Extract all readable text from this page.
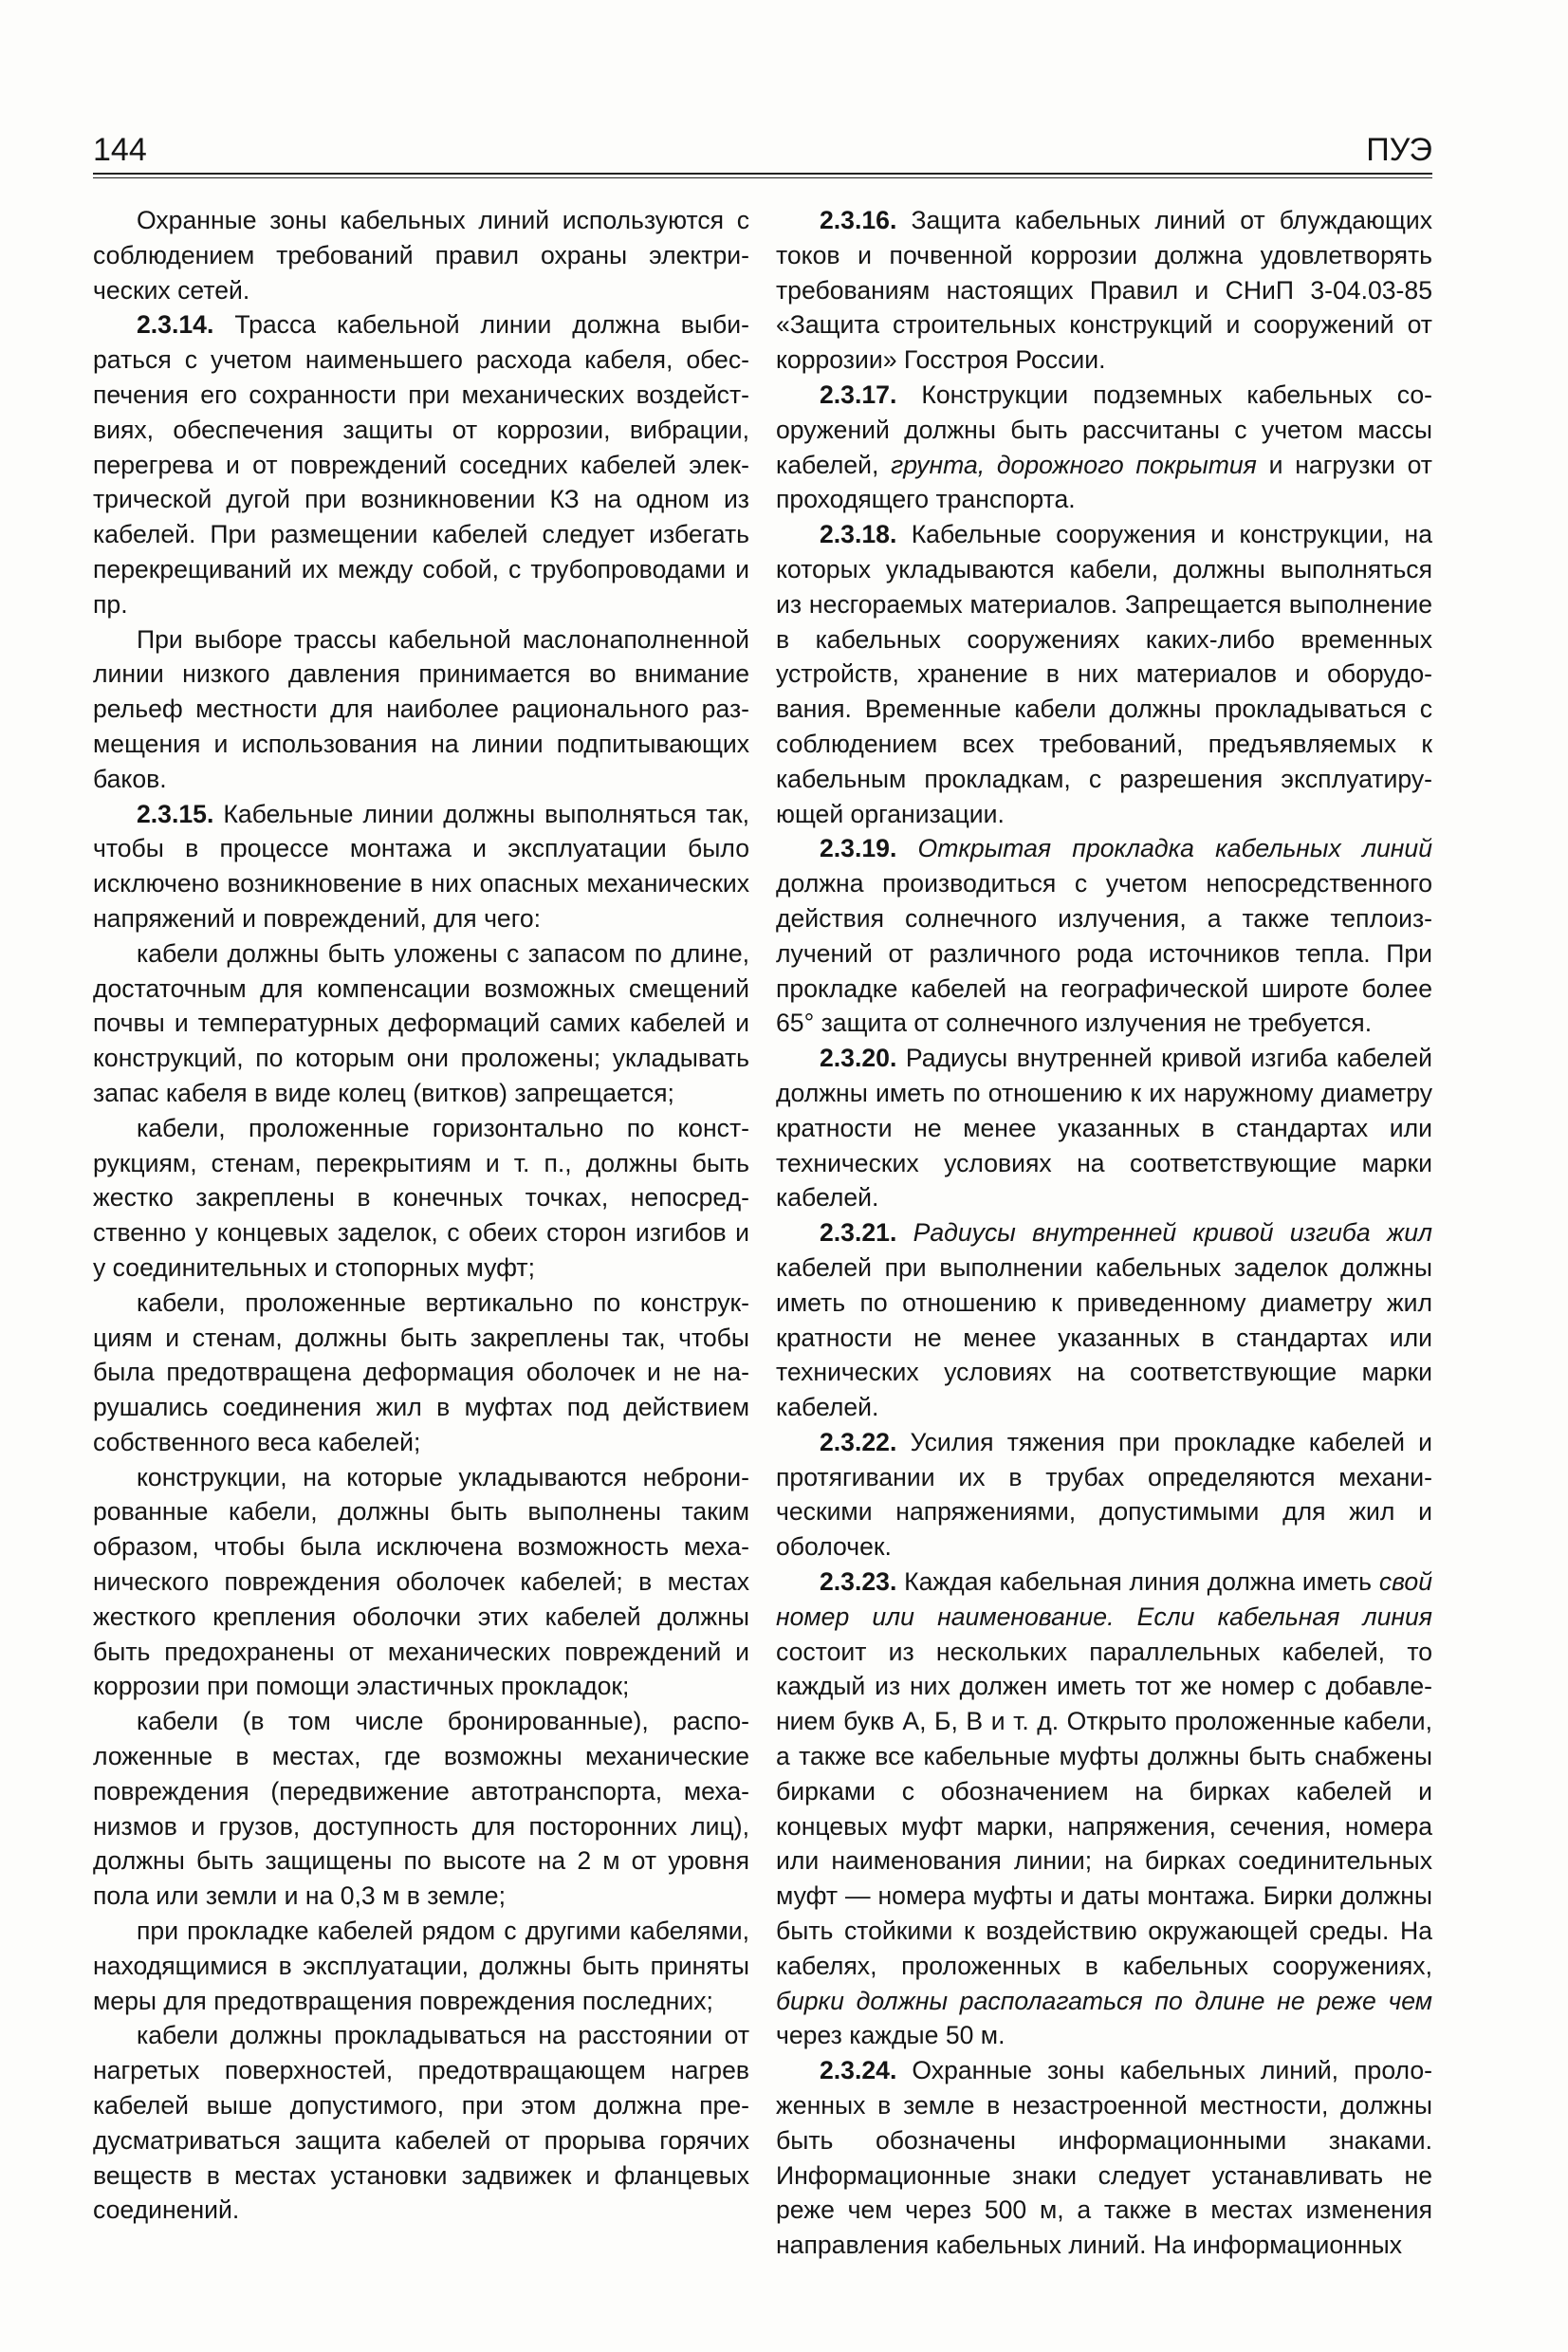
144	ПУЭ

Охранные зоны кабельных линий используются с соблюдением требований правил охраны электрических сетей.

2.3.14. Трасса кабельной линии должна выбираться с учетом наименьшего расхода кабеля, обеспечения его сохранности при механических воздействиях, обеспечения защиты от коррозии, вибрации, перегрева и от повреждений соседних кабелей электрической дугой при возникновении КЗ на одном из кабелей. При размещении кабелей следует избегать перекрещиваний их между собой, с трубопроводами и пр.

При выборе трассы кабельной маслонаполненной линии низкого давления принимается во внимание рельеф местности для наиболее рационального размещения и использования на линии подпитывающих баков.

2.3.15. Кабельные линии должны выполняться так, чтобы в процессе монтажа и эксплуатации было исключено возникновение в них опасных механических напряжений и повреждений, для чего:

кабели должны быть уложены с запасом по длине, достаточным для компенсации возможных смещений почвы и температурных деформаций самих кабелей и конструкций, по которым они проложены; укладывать запас кабеля в виде колец (витков) запрещается;

кабели, проложенные горизонтально по конструкциям, стенам, перекрытиям и т. п., должны быть жестко закреплены в конечных точках, непосредственно у концевых заделок, с обеих сторон изгибов и у соединительных и стопорных муфт;

кабели, проложенные вертикально по конструкциям и стенам, должны быть закреплены так, чтобы была предотвращена деформация оболочек и не нарушались соединения жил в муфтах под действием собственного веса кабелей;

конструкции, на которые укладываются небронированные кабели, должны быть выполнены таким образом, чтобы была исключена возможность механического повреждения оболочек кабелей; в местах жесткого крепления оболочки этих кабелей должны быть предохранены от механических повреждений и коррозии при помощи эластичных прокладок;

кабели (в том числе бронированные), расположенные в местах, где возможны механические повреждения (передвижение автотранспорта, механизмов и грузов, доступность для посторонних лиц), должны быть защищены по высоте на 2 м от уровня пола или земли и на 0,3 м в земле;

при прокладке кабелей рядом с другими кабелями, находящимися в эксплуатации, должны быть приняты меры для предотвращения повреждения последних;

кабели должны прокладываться на расстоянии от нагретых поверхностей, предотвращающем нагрев кабелей выше допустимого, при этом должна предусматриваться защита кабелей от прорыва горячих веществ в местах установки задвижек и фланцевых соединений.

2.3.16. Защита кабельных линий от блуждающих токов и почвенной коррозии должна удовлетворять требованиям настоящих Правил и СНиП 3-04.03-85 «Защита строительных конструкций и сооружений от коррозии» Госстроя России.

2.3.17. Конструкции подземных кабельных сооружений должны быть рассчитаны с учетом массы кабелей, грунта, дорожного покрытия и нагрузки от проходящего транспорта.

2.3.18. Кабельные сооружения и конструкции, на которых укладываются кабели, должны выполняться из несгораемых материалов. Запрещается выполнение в кабельных сооружениях каких-либо временных устройств, хранение в них материалов и оборудования. Временные кабели должны прокладываться с соблюдением всех требований, предъявляемых к кабельным прокладкам, с разрешения эксплуатирующей организации.

2.3.19. Открытая прокладка кабельных линий должна производиться с учетом непосредственного действия солнечного излучения, а также теплоизлучений от различного рода источников тепла. При прокладке кабелей на географической широте более 65° защита от солнечного излучения не требуется.

2.3.20. Радиусы внутренней кривой изгиба кабелей должны иметь по отношению к их наружному диаметру кратности не менее указанных в стандартах или технических условиях на соответствующие марки кабелей.

2.3.21. Радиусы внутренней кривой изгиба жил кабелей при выполнении кабельных заделок должны иметь по отношению к приведенному диаметру жил кратности не менее указанных в стандартах или технических условиях на соответствующие марки кабелей.

2.3.22. Усилия тяжения при прокладке кабелей и протягивании их в трубах определяются механическими напряжениями, допустимыми для жил и оболочек.

2.3.23. Каждая кабельная линия должна иметь свой номер или наименование. Если кабельная линия состоит из нескольких параллельных кабелей, то каждый из них должен иметь тот же номер с добавлением букв А, Б, В и т. д. Открыто проложенные кабели, а также все кабельные муфты должны быть снабжены бирками с обозначением на бирках кабелей и концевых муфт марки, напряжения, сечения, номера или наименования линии; на бирках соединительных муфт — номера муфты и даты монтажа. Бирки должны быть стойкими к воздействию окружающей среды. На кабелях, проложенных в кабельных сооружениях, бирки должны располагаться по длине не реже чем через каждые 50 м.

2.3.24. Охранные зоны кабельных линий, проложенных в земле в незастроенной местности, должны быть обозначены информационными знаками. Информационные знаки следует устанавливать не реже чем через 500 м, а также в местах изменения направления кабельных линий. На информационных
